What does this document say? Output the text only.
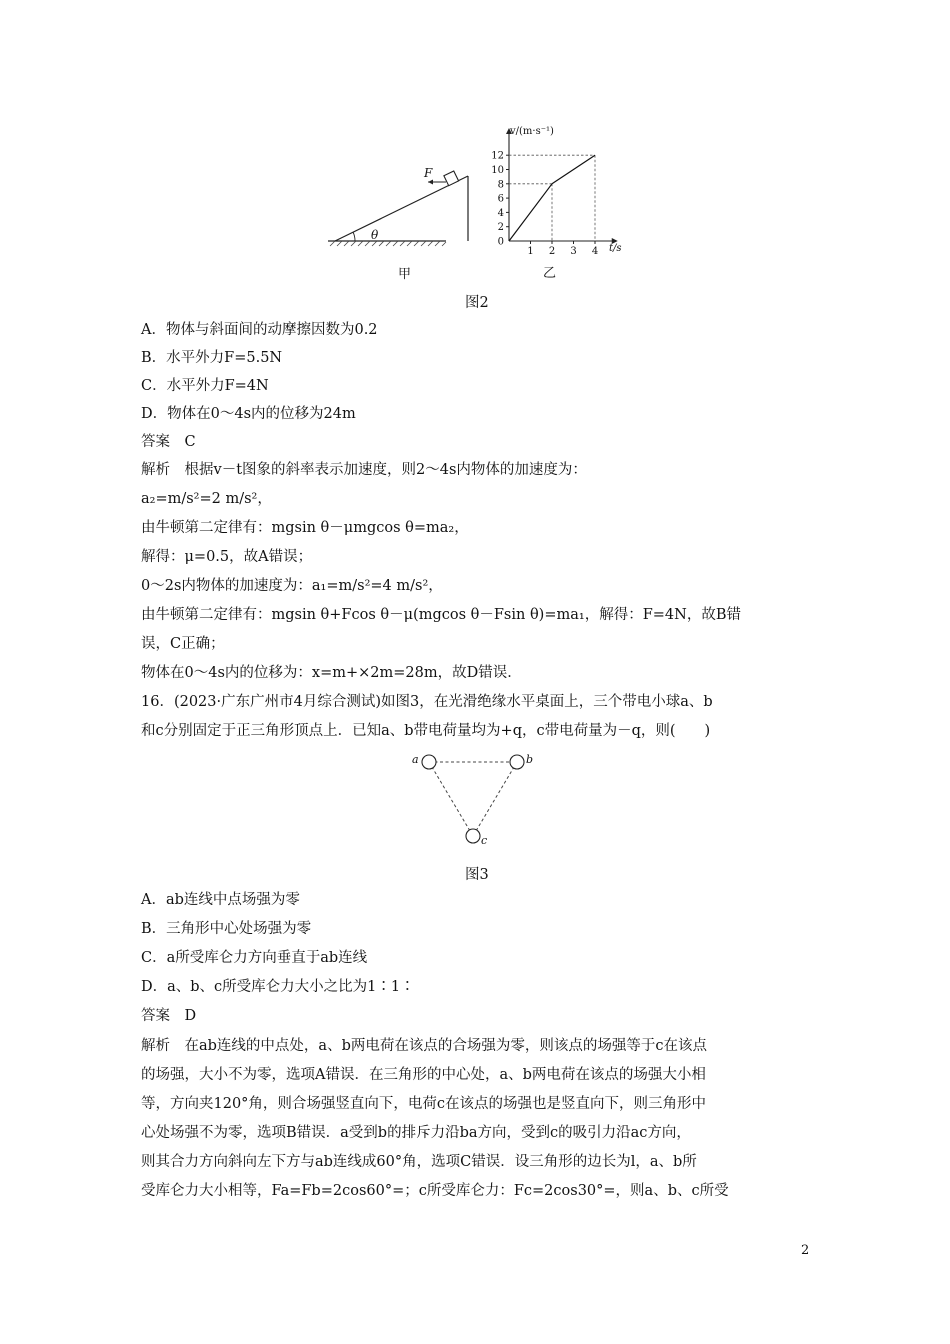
F
θ
甲
12
10
8
6
4
2
0
1 2 3 4
v/(m·s⁻¹)
t/s
乙
图2
A．物体与斜面间的动摩擦因数为0.2
B．水平外力F=5.5N
C．水平外力F=4N
D．物体在0～4s内的位移为24m
答案　C
解析　根据v－t图象的斜率表示加速度，则2～4s内物体的加速度为：
a₂=m/s²=2 m/s²，
由牛顿第二定律有：mgsin θ－μmgcos θ=ma₂，
解得：μ=0.5，故A错误；
0～2s内物体的加速度为：a₁=m/s²=4 m/s²，
由牛顿第二定律有：mgsin θ+Fcos θ－μ(mgcos θ－Fsin θ)=ma₁，解得：F=4N，故B错
误，C正确；
物体在0～4s内的位移为：x=m+×2m=28m，故D错误．
16．(2023·广东广州市4月综合测试)如图3，在光滑绝缘水平桌面上，三个带电小球a、b
和c分别固定于正三角形顶点上．已知a、b带电荷量均为+q，c带电荷量为－q，则(　　)
a	b
c
图3
A．ab连线中点场强为零
B．三角形中心处场强为零
C．a所受库仑力方向垂直于ab连线
D．a、b、c所受库仑力大小之比为1∶1∶
答案　D
解析　在ab连线的中点处，a、b两电荷在该点的合场强为零，则该点的场强等于c在该点
的场强，大小不为零，选项A错误．在三角形的中心处，a、b两电荷在该点的场强大小相
等，方向夹120°角，则合场强竖直向下，电荷c在该点的场强也是竖直向下，则三角形中
心处场强不为零，选项B错误．a受到b的排斥力沿ba方向，受到c的吸引力沿ac方向，
则其合力方向斜向左下方与ab连线成60°角，选项C错误．设三角形的边长为l，a、b所
受库仑力大小相等，Fa=Fb=2cos60°=；c所受库仑力：Fc=2cos30°=，则a、b、c所受
2
